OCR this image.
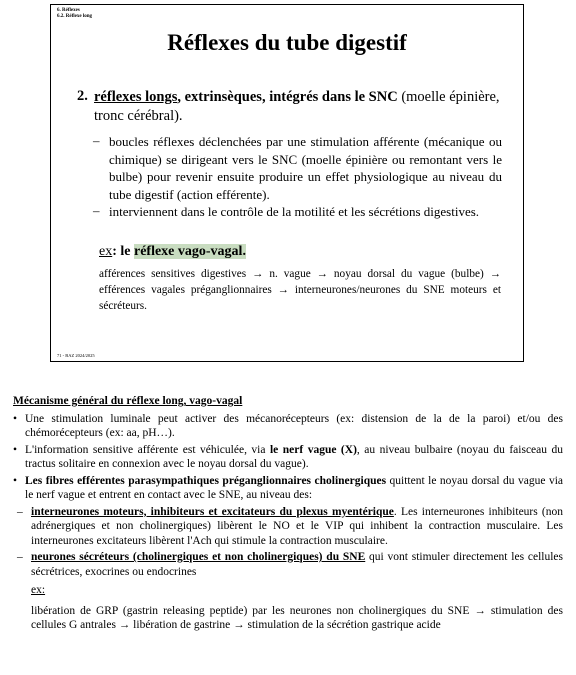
6. Réflexes
6.2. Réflexe long
Réflexes du tube digestif
2. réflexes longs, extrinsèques, intégrés dans le SNC (moelle épinière, tronc cérébral).
– boucles réflexes déclenchées par une stimulation afférente (mécanique ou chimique) se dirigeant vers le SNC (moelle épinière ou remontant vers le bulbe) pour revenir ensuite produire un effet physiologique au niveau du tube digestif (action efférente).
– interviennent dans le contrôle de la motilité et les sécrétions digestives.
ex: le réflexe vago-vagal.
afférences sensitives digestives → n. vague → noyau dorsal du vague (bulbe) → efférences vagales préganglionnaires → interneurones/neurones du SNE moteurs et sécréteurs.
71 - BAZ 2024/2025
Mécanisme général du réflexe long, vago-vagal
• Une stimulation luminale peut activer des mécanorécepteurs (ex: distension de la de la paroi) et/ou des chémorécepteurs (ex: aa, pH…).
• L'information sensitive afférente est véhiculée, via le nerf vague (X), au niveau bulbaire (noyau du faisceau du tractus solitaire en connexion avec le noyau dorsal du vague).
• Les fibres efférentes parasympathiques préganglionnaires cholinergiques quittent le noyau dorsal du vague via le nerf vague et entrent en contact avec le SNE, au niveau des:
– interneurones moteurs, inhibiteurs et excitateurs du plexus myentérique. Les interneurones inhibiteurs (non adrénergiques et non cholinergiques) libèrent le NO et le VIP qui inhibent la contraction musculaire. Les interneurones excitateurs libèrent l'Ach qui stimule la contraction musculaire.
– neurones sécréteurs (cholinergiques et non cholinergiques) du SNE qui vont stimuler directement les cellules sécrétrices, exocrines ou endocrines
ex:
libération de GRP (gastrin releasing peptide) par les neurones non cholinergiques du SNE → stimulation des cellules G antrales → libération de gastrine → stimulation de la sécrétion gastrique acide
